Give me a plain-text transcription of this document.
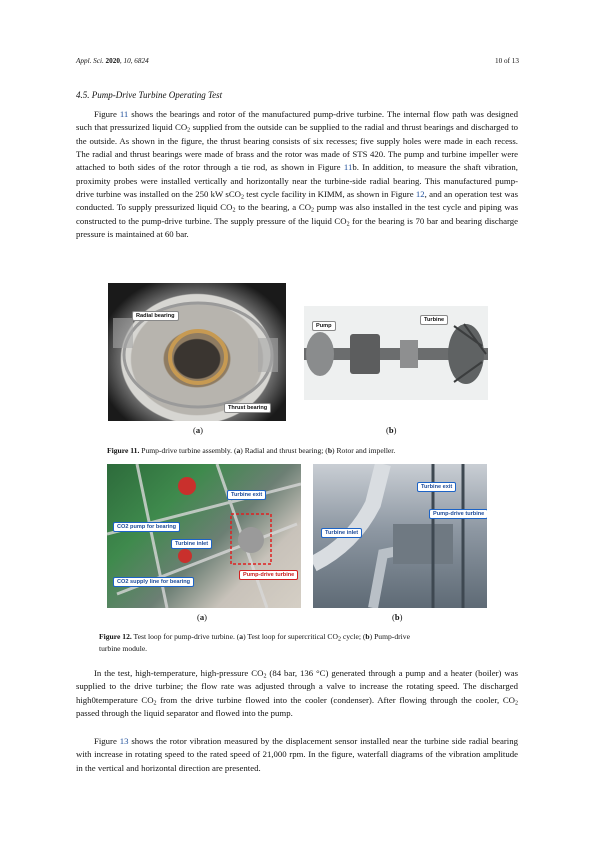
Appl. Sci. 2020, 10, 6824	10 of 13
4.5. Pump-Drive Turbine Operating Test

Figure 11 shows the bearings and rotor of the manufactured pump-drive turbine. The internal flow path was designed such that pressurized liquid $CO_2$ supplied from the outside can be supplied to the radial and thrust bearings and discharged to the outside. As shown in the figure, the thrust bearing consists of six recesses; five supply holes were made in each recess. The radial and thrust bearings were made of brass and the rotor was made of STS 420. The pump and turbine impeller were attached to both sides of the rotor through a tie rod, as shown in Figure 11b. In addition, to measure the shaft vibration, proximity probes were installed vertically and horizontally near the turbine-side radial bearing. This manufactured pump-drive turbine was installed on the 250 kW sCO$_2$ test cycle facility in KIMM, as shown in Figure 12, and an operation test was conducted. To supply pressurized liquid $CO_2$ to the bearing, a $CO_2$ pump was also installed in the test cycle and piping was constructed to the pump-drive turbine. The supply pressure of the liquid $CO_2$ for the bearing is 70 bar and bearing discharge pressure is maintained at 60 bar.

Radial bearing
Thrust bearing
Pump
Turbine
(a)	(b)
Figure 11. Pump-drive turbine assembly. (a) Radial and thrust bearing; (b) Rotor and impeller.
Turbine exit
CO2 pump for bearing
Turbine inlet
Pump-drive turbine
CO2 supply line for bearing
Turbine exit
Pump-drive turbine
Turbine inlet
(a)	(b)
Figure 12. Test loop for pump-drive turbine. (a) Test loop for supercritical $CO_2$ cycle; (b) Pump-drive
turbine module.

In the test, high-temperature, high-pressure $CO_2$ (84 bar, 136 °C) generated through a pump and a heater (boiler) was supplied to the drive turbine; the flow rate was adjusted through a valve to increase the rotating speed. The discharged high0temperature $CO_2$ from the drive turbine flowed into the cooler (condenser). After flowing through the cooler, $CO_2$ passed through the liquid separator and flowed into the pump.

Figure 13 shows the rotor vibration measured by the displacement sensor installed near the turbine side radial bearing with increase in rotating speed to the rated speed of 21,000 rpm. In the figure, waterfall diagrams of the vibration amplitude in the vertical and horizontal direction are presented.
